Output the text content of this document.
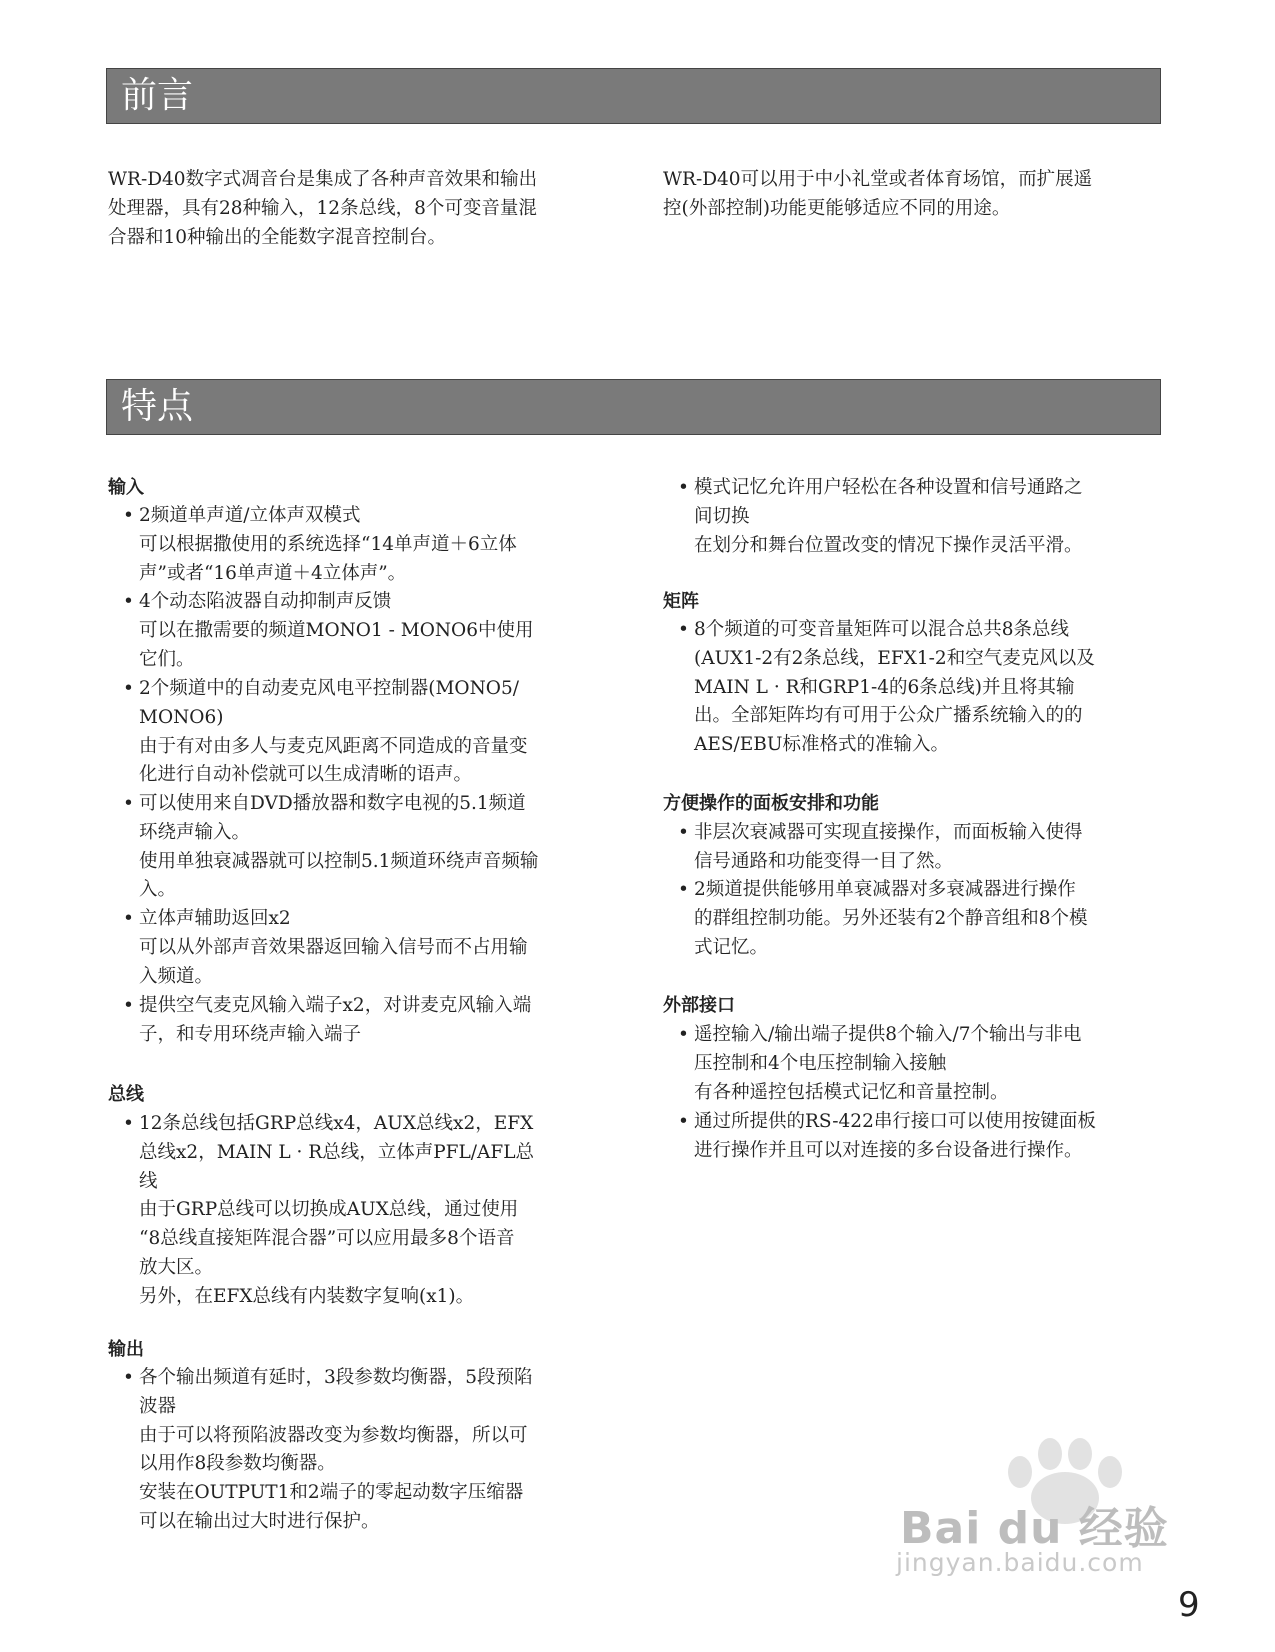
前言
特点
WR-D40数字式凋音台是集成了各种声音效果和输出
处理器，具有28种输入，12条总线，8个可变音量混
合器和10种输出的全能数字混音控制台。
WR-D40可以用于中小礼堂或者体育场馆，而扩展遥
控(外部控制)功能更能够适应不同的用途。
输入
• 2频道单声道/立体声双模式
可以根据撒使用的系统选择“14单声道＋6立体
声”或者“16单声道＋4立体声”。
• 4个动态陷波器自动抑制声反馈
可以在撒需要的频道MONO1 - MONO6中使用
它们。
• 2个频道中的自动麦克风电平控制器(MONO5/
MONO6)
由于有对由多人与麦克风距离不同造成的音量变
化进行自动补偿就可以生成清晰的语声。
• 可以使用来自DVD播放器和数字电视的5.1频道
环绕声输入。
使用单独衰减器就可以控制5.1频道环绕声音频输
入。
• 立体声辅助返回x2
可以从外部声音效果器返回输入信号而不占用输
入频道。
• 提供空气麦克风输入端子x2，对讲麦克风输入端
子，和专用环绕声输入端子
总线
• 12条总线包括GRP总线x4，AUX总线x2，EFX
总线x2，MAIN L · R总线，立体声PFL/AFL总
线
由于GRP总线可以切换成AUX总线，通过使用
“8总线直接矩阵混合器”可以应用最多8个语音
放大区。
另外，在EFX总线有内装数字复响(x1)。
输出
• 各个输出频道有延时，3段参数均衡器，5段预陷
波器
由于可以将预陷波器改变为参数均衡器，所以可
以用作8段参数均衡器。
安装在OUTPUT1和2端子的零起动数字压缩器
可以在输出过大时进行保护。
• 模式记忆允许用户轻松在各种设置和信号通路之
间切换
在划分和舞台位置改变的情况下操作灵活平滑。
矩阵
• 8个频道的可变音量矩阵可以混合总共8条总线
(AUX1-2有2条总线，EFX1-2和空气麦克风以及
MAIN L · R和GRP1-4的6条总线)并且将其输
出。全部矩阵均有可用于公众广播系统输入的的
AES/EBU标准格式的准输入。
方便操作的面板安排和功能
• 非层次衰减器可实现直接操作，而面板输入使得
信号通路和功能变得一目了然。
• 2频道提供能够用单衰减器对多衰减器进行操作
的群组控制功能。另外还装有2个静音组和8个模
式记忆。
外部接口
• 遥控输入/输出端子提供8个输入/7个输出与非电
压控制和4个电压控制输入接触
有各种遥控包括模式记忆和音量控制。
• 通过所提供的RS-422串行接口可以使用按键面板
进行操作并且可以对连接的多台设备进行操作。
Bai du 经验
jingyan.baidu.com
9
